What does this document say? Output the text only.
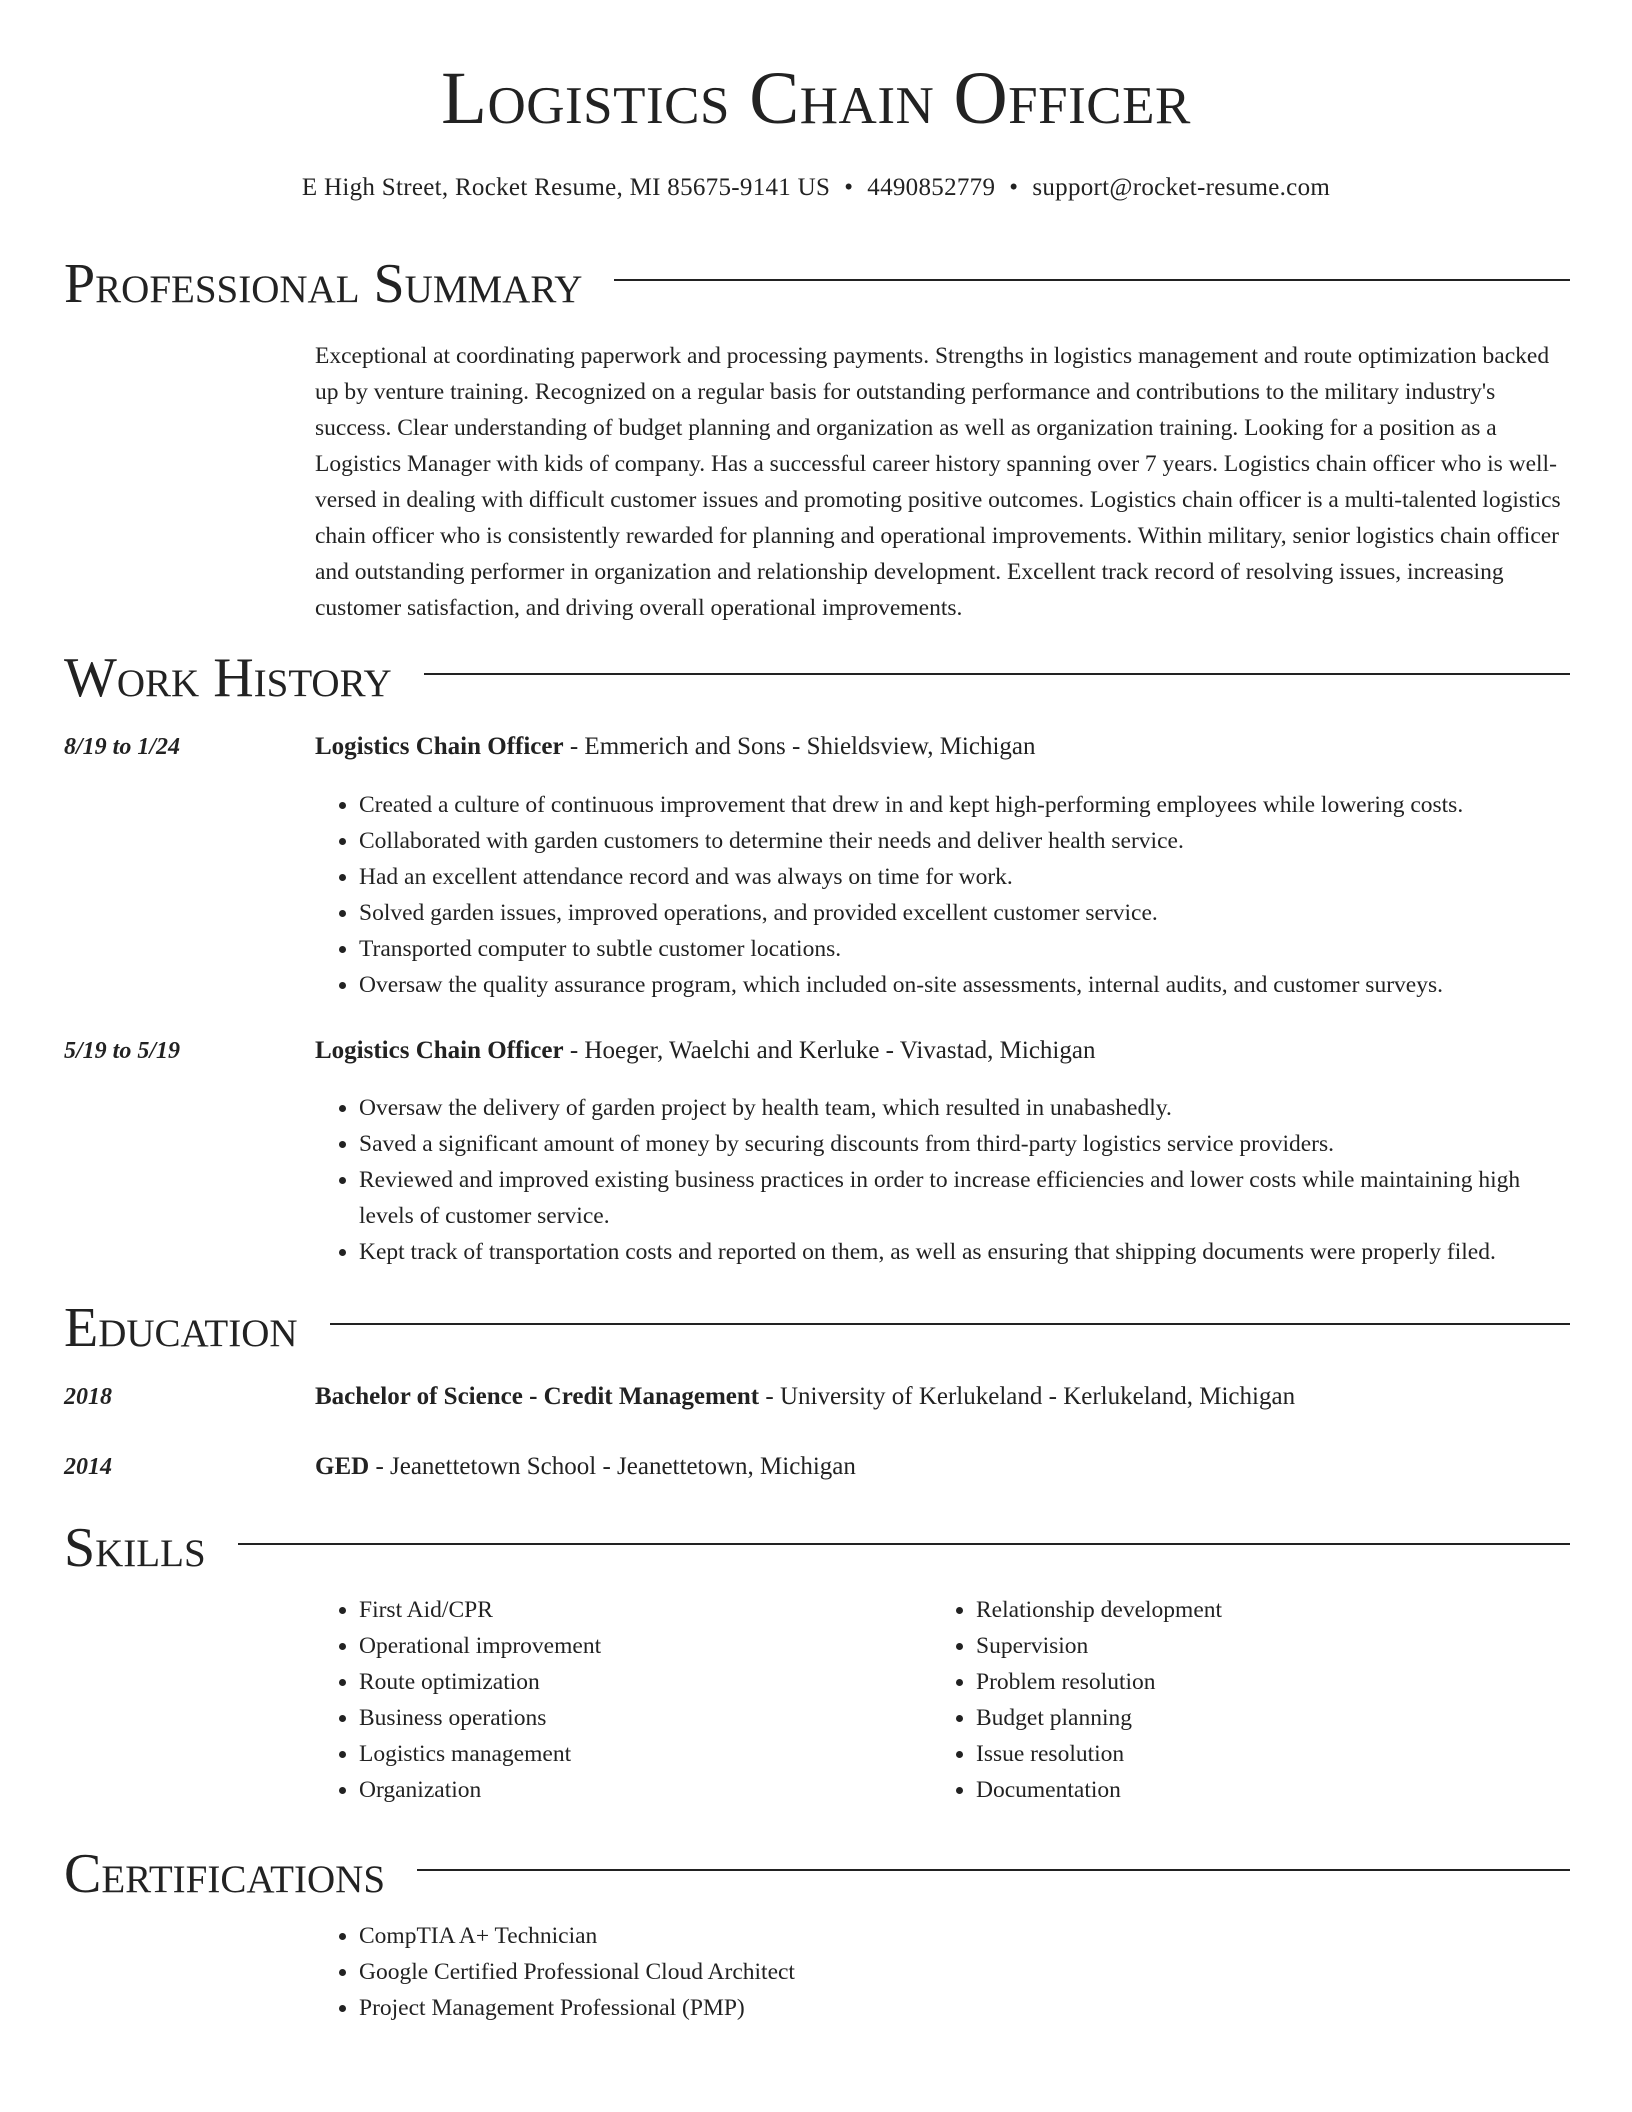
Logistics Chain Officer
E High Street, Rocket Resume, MI 85675-9141 US • 4490852779 • support@rocket-resume.com
Professional Summary

Exceptional at coordinating paperwork and processing payments. Strengths in logistics management and route optimization backed up by venture training. Recognized on a regular basis for outstanding performance and contributions to the military industry's success. Clear understanding of budget planning and organization as well as organization training. Looking for a position as a Logistics Manager with kids of company. Has a successful career history spanning over 7 years. Logistics chain officer who is well-versed in dealing with difficult customer issues and promoting positive outcomes. Logistics chain officer is a multi-talented logistics chain officer who is consistently rewarded for planning and operational improvements. Within military, senior logistics chain officer and outstanding performer in organization and relationship development. Excellent track record of resolving issues, increasing customer satisfaction, and driving overall operational improvements.

Work History
8/19 to 1/24	Logistics Chain Officer - Emmerich and Sons - Shieldsview, Michigan
• Created a culture of continuous improvement that drew in and kept high-performing employees while lowering costs.
• Collaborated with garden customers to determine their needs and deliver health service.
• Had an excellent attendance record and was always on time for work.
• Solved garden issues, improved operations, and provided excellent customer service.
• Transported computer to subtle customer locations.
• Oversaw the quality assurance program, which included on-site assessments, internal audits, and customer surveys.
5/19 to 5/19	Logistics Chain Officer - Hoeger, Waelchi and Kerluke - Vivastad, Michigan
• Oversaw the delivery of garden project by health team, which resulted in unabashedly.
• Saved a significant amount of money by securing discounts from third-party logistics service providers.
• Reviewed and improved existing business practices in order to increase efficiencies and lower costs while maintaining high levels of customer service.
• Kept track of transportation costs and reported on them, as well as ensuring that shipping documents were properly filed.
Education
2018	Bachelor of Science - Credit Management - University of Kerlukeland - Kerlukeland, Michigan
2014	GED - Jeanettetown School - Jeanettetown, Michigan
Skills
• First Aid/CPR
• Operational improvement
• Route optimization
• Business operations
• Logistics management
• Organization
• Relationship development
• Supervision
• Problem resolution
• Budget planning
• Issue resolution
• Documentation
Certifications
• CompTIA A+ Technician
• Google Certified Professional Cloud Architect
• Project Management Professional (PMP)
